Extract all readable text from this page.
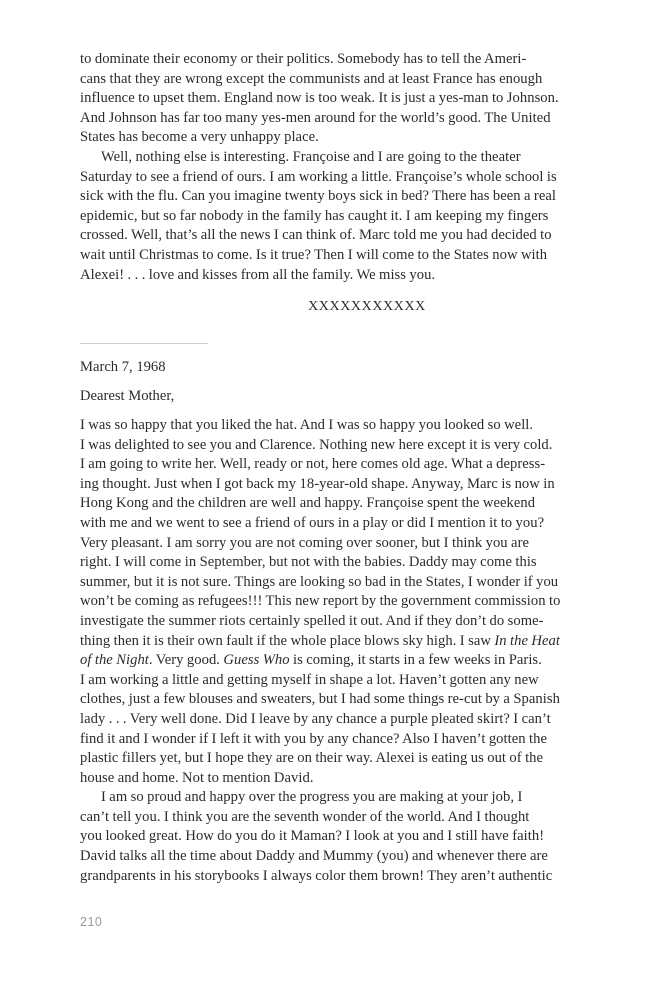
to dominate their economy or their politics. Somebody has to tell the Ameri-
cans that they are wrong except the communists and at least France has enough
influence to upset them. England now is too weak. It is just a yes-man to Johnson.
And Johnson has far too many yes-men around for the world’s good. The United
States has become a very unhappy place.
Well, nothing else is interesting. Françoise and I are going to the theater
Saturday to see a friend of ours. I am working a little. Françoise’s whole school is
sick with the flu. Can you imagine twenty boys sick in bed? There has been a real
epidemic, but so far nobody in the family has caught it. I am keeping my fingers
crossed. Well, that’s all the news I can think of. Marc told me you had decided to
wait until Christmas to come. Is it true? Then I will come to the States now with
Alexei! . . . love and kisses from all the family. We miss you.
XXXXXXXXXXX
March 7, 1968
Dearest Mother,
I was so happy that you liked the hat. And I was so happy you looked so well.
I was delighted to see you and Clarence. Nothing new here except it is very cold.
I am going to write her. Well, ready or not, here comes old age. What a depress-
ing thought. Just when I got back my 18-year-old shape. Anyway, Marc is now in
Hong Kong and the children are well and happy. Françoise spent the weekend
with me and we went to see a friend of ours in a play or did I mention it to you?
Very pleasant. I am sorry you are not coming over sooner, but I think you are
right. I will come in September, but not with the babies. Daddy may come this
summer, but it is not sure. Things are looking so bad in the States, I wonder if you
won’t be coming as refugees!!! This new report by the government commission to
investigate the summer riots certainly spelled it out. And if they don’t do some-
thing then it is their own fault if the whole place blows sky high. I saw In the Heat
of the Night. Very good. Guess Who is coming, it starts in a few weeks in Paris.
I am working a little and getting myself in shape a lot. Haven’t gotten any new
clothes, just a few blouses and sweaters, but I had some things re-cut by a Spanish
lady . . . Very well done. Did I leave by any chance a purple pleated skirt? I can’t
find it and I wonder if I left it with you by any chance? Also I haven’t gotten the
plastic fillers yet, but I hope they are on their way. Alexei is eating us out of the
house and home. Not to mention David.
I am so proud and happy over the progress you are making at your job, I
can’t tell you. I think you are the seventh wonder of the world. And I thought
you looked great. How do you do it Maman? I look at you and I still have faith!
David talks all the time about Daddy and Mummy (you) and whenever there are
grandparents in his storybooks I always color them brown! They aren’t authentic
210
